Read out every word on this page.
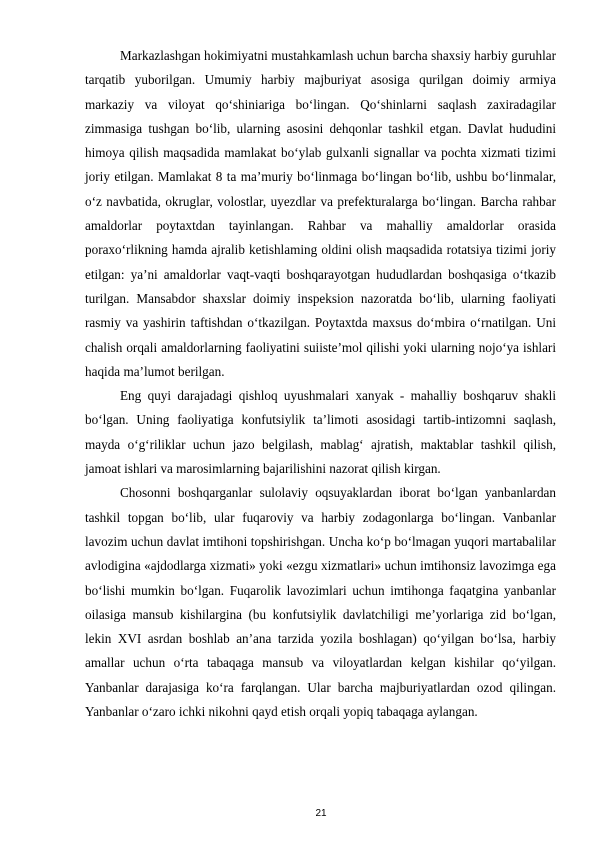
Markazlashgan hokimiyatni mustahkamlash uchun barcha shaxsiy harbiy guruhlar tarqatib yuborilgan. Umumiy harbiy majburiyat asosiga qurilgan doimiy armiya markaziy va viloyat qo‘shiniariga bo‘lingan. Qo‘shinlarni saqlash zaxiradagilar zimmasiga tushgan bo‘lib, ularning asosini dehqonlar tashkil etgan. Davlat hududini himoya qilish maqsadida mamlakat bo‘ylab gulxanli signallar va pochta xizmati tizimi joriy etilgan. Mamlakat 8 ta ma’muriy bo‘linmaga bo‘lingan bo‘lib, ushbu bo‘linmalar, o‘z navbatida, okruglar, volostlar, uyezdlar va prefekturalarga bo‘lingan. Barcha rahbar amaldorlar poytaxtdan tayinlangan. Rahbar va mahalliy amaldorlar orasida poraxo‘rlikning hamda ajralib ketishlaming oldini olish maqsadida rotatsiya tizimi joriy etilgan: ya’ni amaldorlar vaqt-vaqti boshqarayotgan hududlardan boshqasiga o‘tkazib turilgan. Mansabdor shaxslar doimiy inspeksion nazoratda bo‘lib, ularning faoliyati rasmiy va yashirin taftishdan o‘tkazilgan. Poytaxtda maxsus do‘mbira o‘rnatilgan. Uni chalish orqali amaldorlarning faoliyatini suiiste’mol qilishi yoki ularning nojo‘ya ishlari haqida ma’lumot berilgan.

Eng quyi darajadagi qishloq uyushmalari xanyak - mahalliy boshqaruv shakli bo‘lgan. Uning faoliyatiga konfutsiylik ta’limoti asosidagi tartib-intizomni saqlash, mayda o‘g‘riliklar uchun jazo belgilash, mablag‘ ajratish, maktablar tashkil qilish, jamoat ishlari va marosimlarning bajarilishini nazorat qilish kirgan.

Chosonni boshqarganlar sulolaviy oqsuyaklardan iborat bo‘lgan yanbanlardan tashkil topgan bo‘lib, ular fuqaroviy va harbiy zodagonlarga bo‘lingan. Vanbanlar lavozim uchun davlat imtihoni topshirishgan. Uncha ko‘p bo‘lmagan yuqori martabalilar avlodigina «ajdodlarga xizmati» yoki «ezgu xizmatlari» uchun imtihonsiz lavozimga ega bo‘lishi mumkin bo‘lgan. Fuqarolik lavozimlari uchun imtihonga faqatgina yanbanlar oilasiga mansub kishilargina (bu konfutsiylik davlatchiligi me’yorlariga zid bo‘lgan, lekin XVI asrdan boshlab an’ana tarzida yozila boshlagan) qo‘yilgan bo‘lsa, harbiy amallar uchun o‘rta tabaqaga mansub va viloyatlardan kelgan kishilar qo‘yilgan. Yanbanlar darajasiga ko‘ra farqlangan. Ular barcha majburiyatlardan ozod qilingan. Yanbanlar o‘zaro ichki nikohni qayd etish orqali yopiq tabaqaga aylangan.

21
